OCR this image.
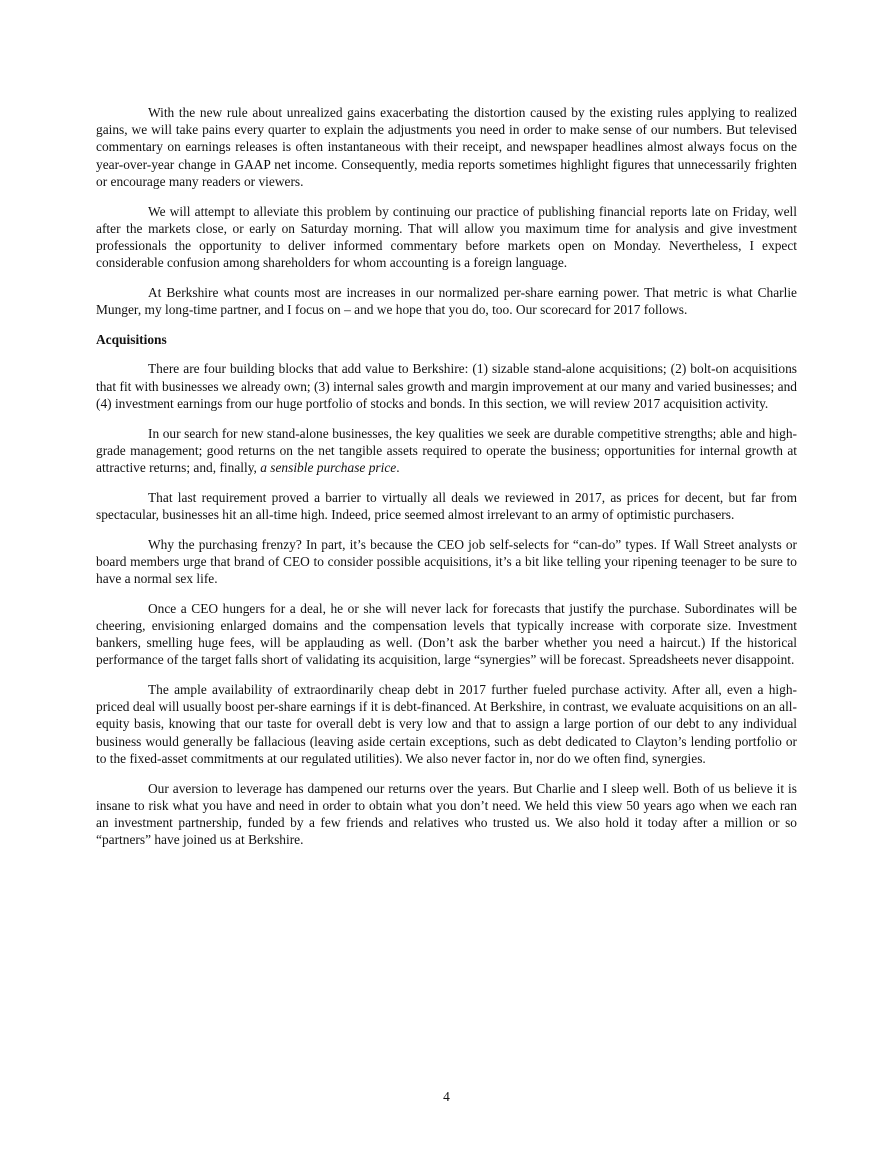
With the new rule about unrealized gains exacerbating the distortion caused by the existing rules applying to realized gains, we will take pains every quarter to explain the adjustments you need in order to make sense of our numbers. But televised commentary on earnings releases is often instantaneous with their receipt, and newspaper headlines almost always focus on the year-over-year change in GAAP net income. Consequently, media reports sometimes highlight figures that unnecessarily frighten or encourage many readers or viewers.

We will attempt to alleviate this problem by continuing our practice of publishing financial reports late on Friday, well after the markets close, or early on Saturday morning. That will allow you maximum time for analysis and give investment professionals the opportunity to deliver informed commentary before markets open on Monday. Nevertheless, I expect considerable confusion among shareholders for whom accounting is a foreign language.

At Berkshire what counts most are increases in our normalized per-share earning power. That metric is what Charlie Munger, my long-time partner, and I focus on – and we hope that you do, too. Our scorecard for 2017 follows.

Acquisitions

There are four building blocks that add value to Berkshire: (1) sizable stand-alone acquisitions; (2) bolt-on acquisitions that fit with businesses we already own; (3) internal sales growth and margin improvement at our many and varied businesses; and (4) investment earnings from our huge portfolio of stocks and bonds. In this section, we will review 2017 acquisition activity.

In our search for new stand-alone businesses, the key qualities we seek are durable competitive strengths; able and high-grade management; good returns on the net tangible assets required to operate the business; opportunities for internal growth at attractive returns; and, finally, a sensible purchase price.

That last requirement proved a barrier to virtually all deals we reviewed in 2017, as prices for decent, but far from spectacular, businesses hit an all-time high. Indeed, price seemed almost irrelevant to an army of optimistic purchasers.

Why the purchasing frenzy? In part, it’s because the CEO job self-selects for “can-do” types. If Wall Street analysts or board members urge that brand of CEO to consider possible acquisitions, it’s a bit like telling your ripening teenager to be sure to have a normal sex life.

Once a CEO hungers for a deal, he or she will never lack for forecasts that justify the purchase. Subordinates will be cheering, envisioning enlarged domains and the compensation levels that typically increase with corporate size. Investment bankers, smelling huge fees, will be applauding as well. (Don’t ask the barber whether you need a haircut.) If the historical performance of the target falls short of validating its acquisition, large “synergies” will be forecast. Spreadsheets never disappoint.

The ample availability of extraordinarily cheap debt in 2017 further fueled purchase activity. After all, even a high-priced deal will usually boost per-share earnings if it is debt-financed. At Berkshire, in contrast, we evaluate acquisitions on an all-equity basis, knowing that our taste for overall debt is very low and that to assign a large portion of our debt to any individual business would generally be fallacious (leaving aside certain exceptions, such as debt dedicated to Clayton’s lending portfolio or to the fixed-asset commitments at our regulated utilities). We also never factor in, nor do we often find, synergies.

Our aversion to leverage has dampened our returns over the years. But Charlie and I sleep well. Both of us believe it is insane to risk what you have and need in order to obtain what you don’t need. We held this view 50 years ago when we each ran an investment partnership, funded by a few friends and relatives who trusted us. We also hold it today after a million or so “partners” have joined us at Berkshire.

4
